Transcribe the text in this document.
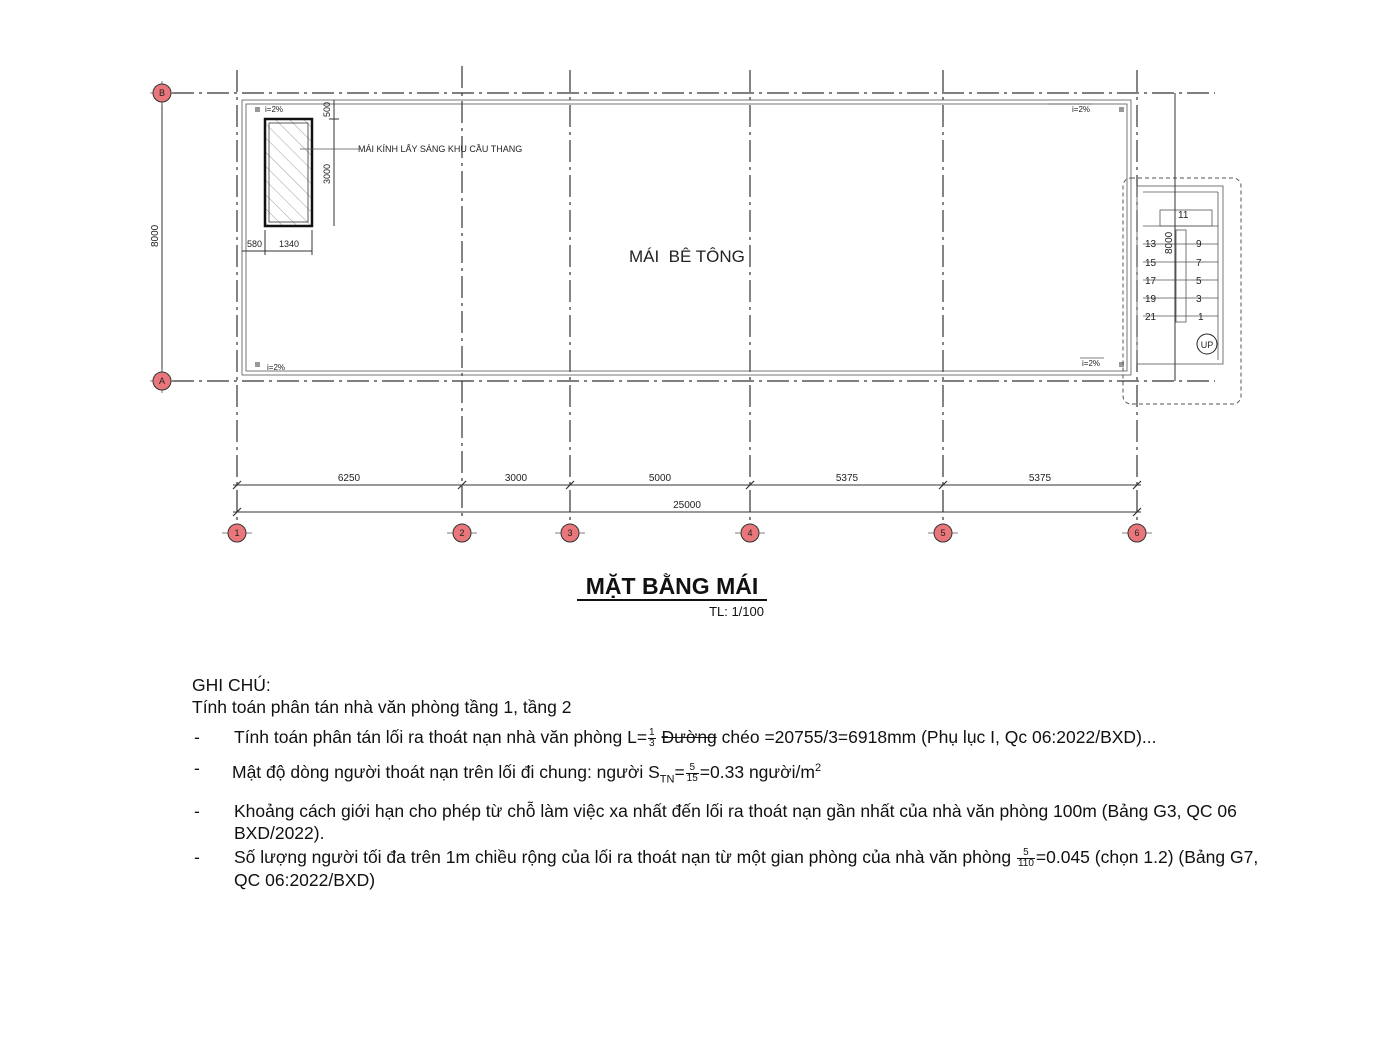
i=2%
i=2%
i=2%
i=2%
MÁI KÍNH LẤY SÁNG KHU CẦU THANG
500
3000
580 1340
MÁI  BÊ TÔNG
8000	8000
11
13
15
17
19
21
9
7
5
3
1
UP
6250	3000	5000	5375	5375
25000
B
A
1	2	3	4	5	6
MẶT BẰNG MÁI
TL: 1/100
GHI CHÚ:
Tính toán phân tán nhà văn phòng tầng 1, tầng 2
- Tính toán phân tán lối ra thoát nạn nhà văn phòng $L= \frac{1}{3}$ Đường chéo =20755/3=6918mm (Phụ lục I, Qc 06:2022/BXD)...
- Mật độ dòng người thoát nạn trên lối đi chung: người $S_{TN}= \frac{5}{15} =0.33$ người/$m^2$
- Khoảng cách giới hạn cho phép từ chỗ làm việc xa nhất đến lối ra thoát nạn gần nhất của nhà văn phòng 100m (Bảng G3, QC 06 BXD/2022).
- Số lượng người tối đa trên 1m chiều rộng của lối ra thoát nạn từ một gian phòng của nhà văn phòng $\frac{5}{110} =0.045$ (chọn 1.2) (Bảng G7, QC 06:2022/BXD)
